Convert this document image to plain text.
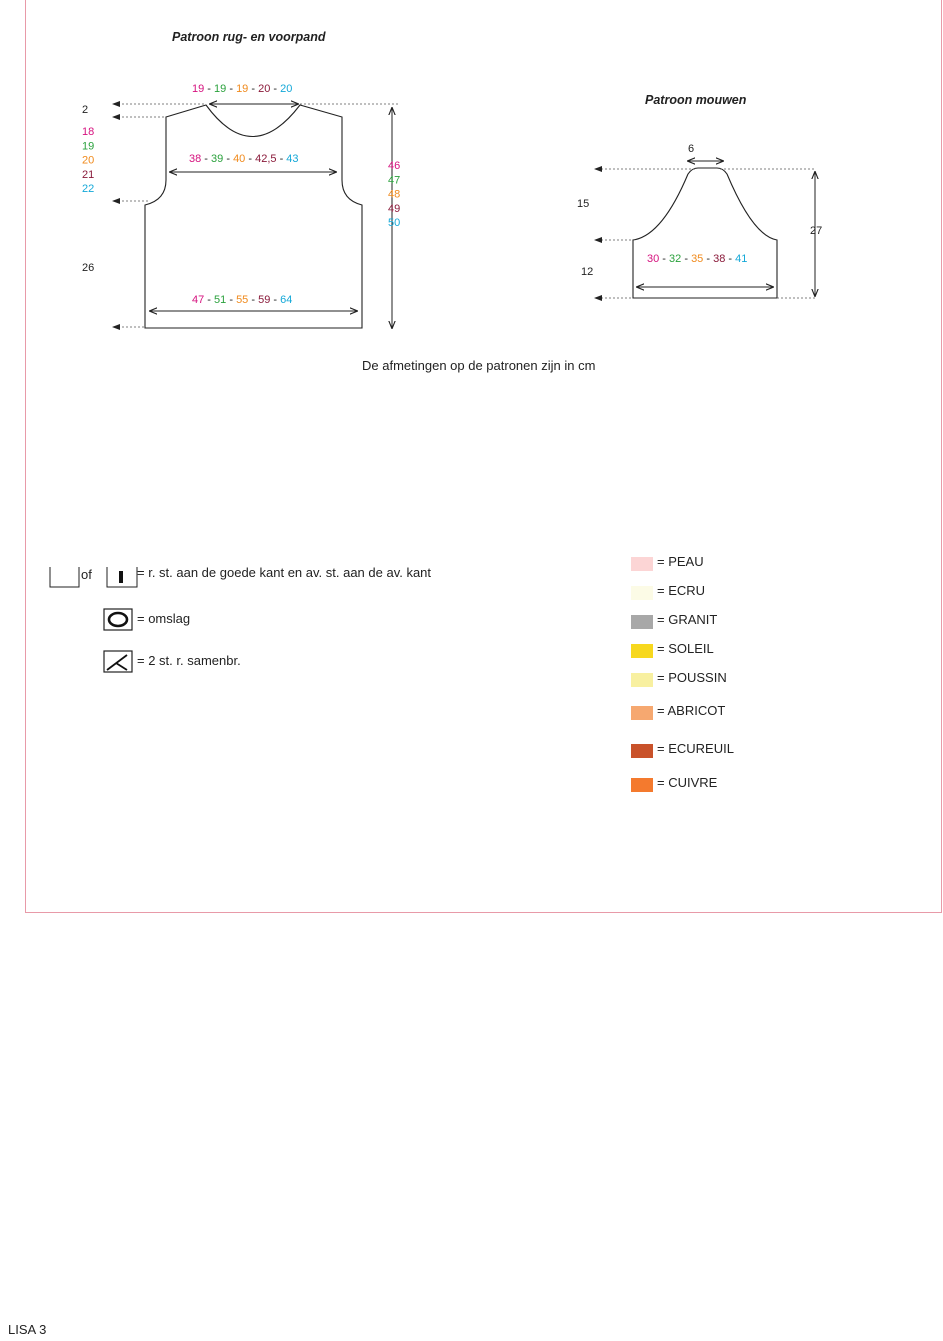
Patroon rug- en voorpand
19 - 19 - 19 - 20 - 20
38 - 39 - 40 - 42,5 - 43
47 - 51 - 55 - 59 - 64
46
47
48
49
50
18
19
20
21
22
2
26
Patroon mouwen
6
15
12
27
30 - 32 - 35 - 38 - 41
De afmetingen op de patronen zijn in cm
of	= r. st. aan de goede kant en av. st. aan de av. kant
= omslag
= 2 st. r. samenbr.
= PEAU
= ECRU
= GRANIT
= SOLEIL
= POUSSIN
= ABRICOT
= ECUREUIL
= CUIVRE
LISA 3
